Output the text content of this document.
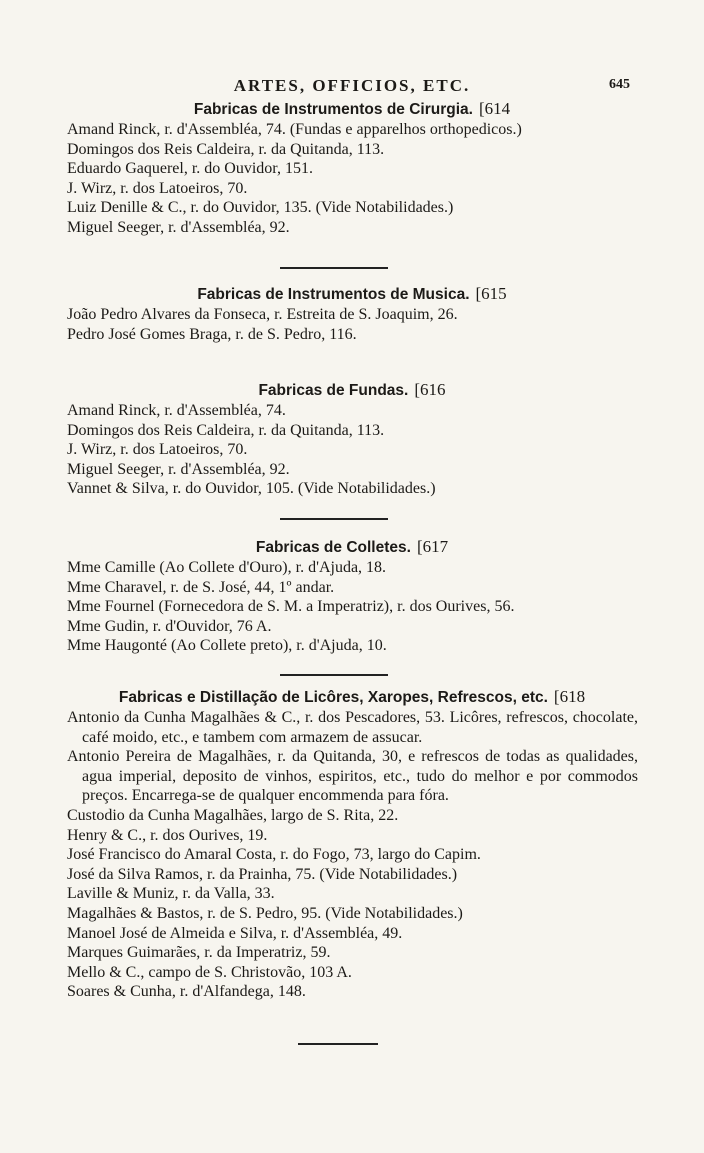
ARTES, OFFICIOS, ETC.	645
Fabricas de Instrumentos de Cirurgia. [614
Amand Rinck, r. d'Assembléa, 74. (Fundas e apparelhos orthopedicos.)
Domingos dos Reis Caldeira, r. da Quitanda, 113.
Eduardo Gaquerel, r. do Ouvidor, 151.
J. Wirz, r. dos Latoeiros, 70.
Luiz Denille & C., r. do Ouvidor, 135. (Vide Notabilidades.)
Miguel Seeger, r. d'Assembléa, 92.
Fabricas de Instrumentos de Musica. [615
João Pedro Alvares da Fonseca, r. Estreita de S. Joaquim, 26.
Pedro José Gomes Braga, r. de S. Pedro, 116.
Fabricas de Fundas. [616
Amand Rinck, r. d'Assembléa, 74.
Domingos dos Reis Caldeira, r. da Quitanda, 113.
J. Wirz, r. dos Latoeiros, 70.
Miguel Seeger, r. d'Assembléa, 92.
Vannet & Silva, r. do Ouvidor, 105. (Vide Notabilidades.)
Fabricas de Colletes. [617
Mme Camille (Ao Collete d'Ouro), r. d'Ajuda, 18.
Mme Charavel, r. de S. José, 44, 1º andar.
Mme Fournel (Fornecedora de S. M. a Imperatriz), r. dos Ourives, 56.
Mme Gudin, r. d'Ouvidor, 76 A.
Mme Haugonté (Ao Collete preto), r. d'Ajuda, 10.
Fabricas e Distillação de Licôres, Xaropes, Refrescos, etc. [618
Antonio da Cunha Magalhães & C., r. dos Pescadores, 53. Licôres, refrescos, chocolate, café moido, etc., e tambem com armazem de assucar.
Antonio Pereira de Magalhães, r. da Quitanda, 30, e refrescos de todas as qualidades, agua imperial, deposito de vinhos, espiritos, etc., tudo do melhor e por commodos preços. Encarrega-se de qualquer encommenda para fóra.
Custodio da Cunha Magalhães, largo de S. Rita, 22.
Henry & C., r. dos Ourives, 19.
José Francisco do Amaral Costa, r. do Fogo, 73, largo do Capim.
José da Silva Ramos, r. da Prainha, 75. (Vide Notabilidades.)
Laville & Muniz, r. da Valla, 33.
Magalhães & Bastos, r. de S. Pedro, 95. (Vide Notabilidades.)
Manoel José de Almeida e Silva, r. d'Assembléa, 49.
Marques Guimarães, r. da Imperatriz, 59.
Mello & C., campo de S. Christovão, 103 A.
Soares & Cunha, r. d'Alfandega, 148.
